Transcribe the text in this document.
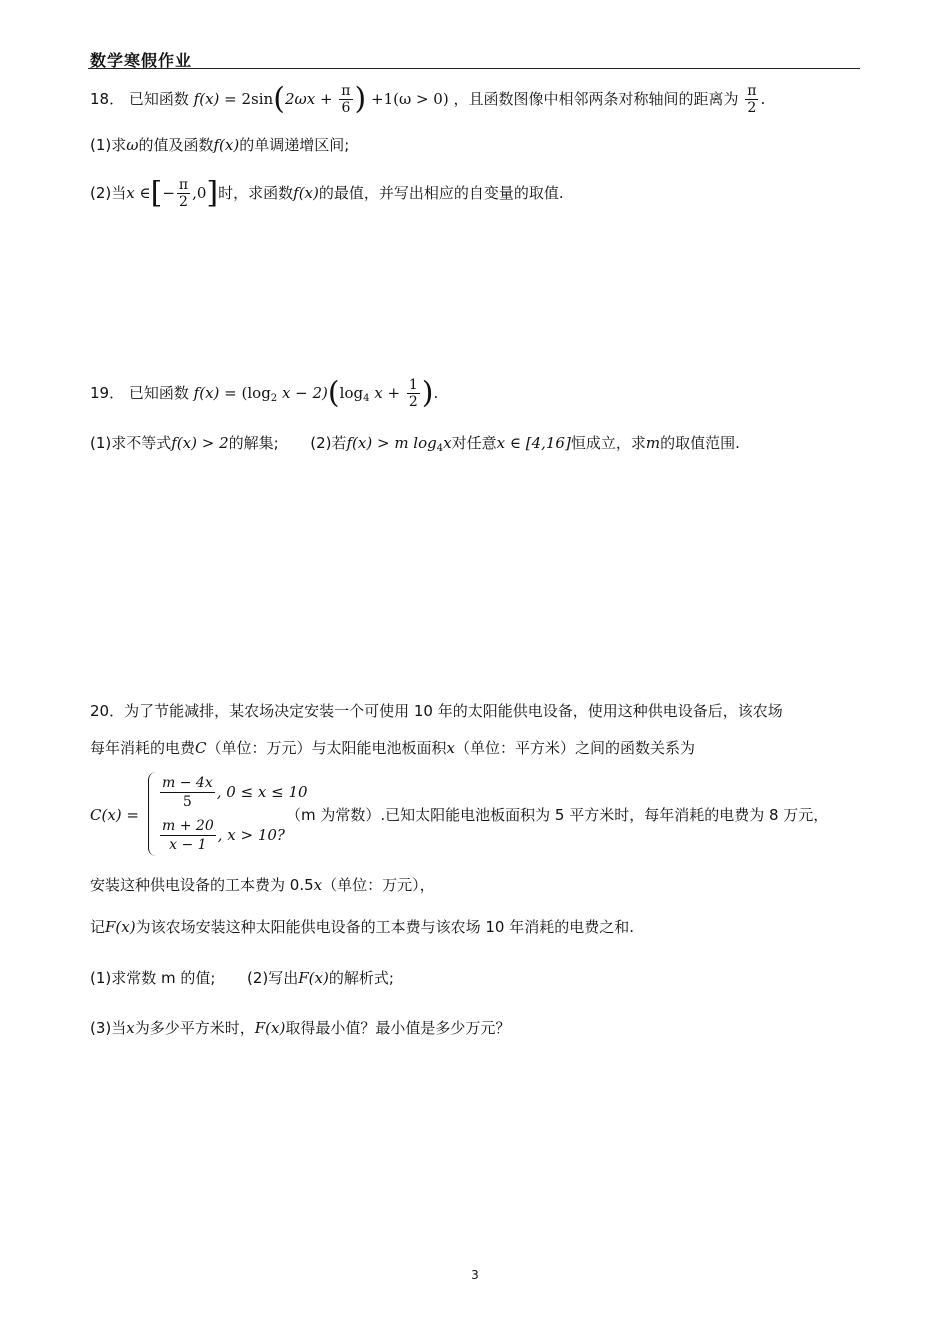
数学寒假作业
18． 已知函数 $f(x) = 2\sin(2\omega x + \frac{\pi}{6}$ ) +1(ω > 0) ，且函数图像中相邻两条对称轴间的距离为 $\frac{\pi}{2}$ .
(1)求ω的值及函数f(x)的单调递增区间;
(2)当x ∈[− $\frac{\pi}{2} ,0$]时，求函数f(x)的最值，并写出相应的自变量的取值.
19． 已知函数 $f(x) = (\log_2$ $x - 2)(\log_4$ $x + \frac{1}{2}$ ).
(1)求不等式f(x) > 2的解集; (2)若f(x) > m $\log_4x$对任意x ∈ [4,16]恒成立，求m的取值范围.
20．为了节能减排，某农场决定安装一个可使用 10 年的太阳能供电设备，使用这种供电设备后，该农场
每年消耗的电费C（单位：万元）与太阳能电池板面积x（单位：平方米）之间的函数关系为
C(x) =
$\frac{m - 4x}{5}$ , 0 ≤ x ≤ 10
$\frac{m + 20}{x - 1}$ , x > 10?
（m 为常数）.已知太阳能电池板面积为 5 平方米时，每年消耗的电费为 8 万元，
安装这种供电设备的工本费为 0.5x（单位：万元），
记F(x)为该农场安装这种太阳能供电设备的工本费与该农场 10 年消耗的电费之和.
(1)求常数 m 的值; (2)写出F(x)的解析式;
(3)当x为多少平方米时，F(x)取得最小值？最小值是多少万元？
3
